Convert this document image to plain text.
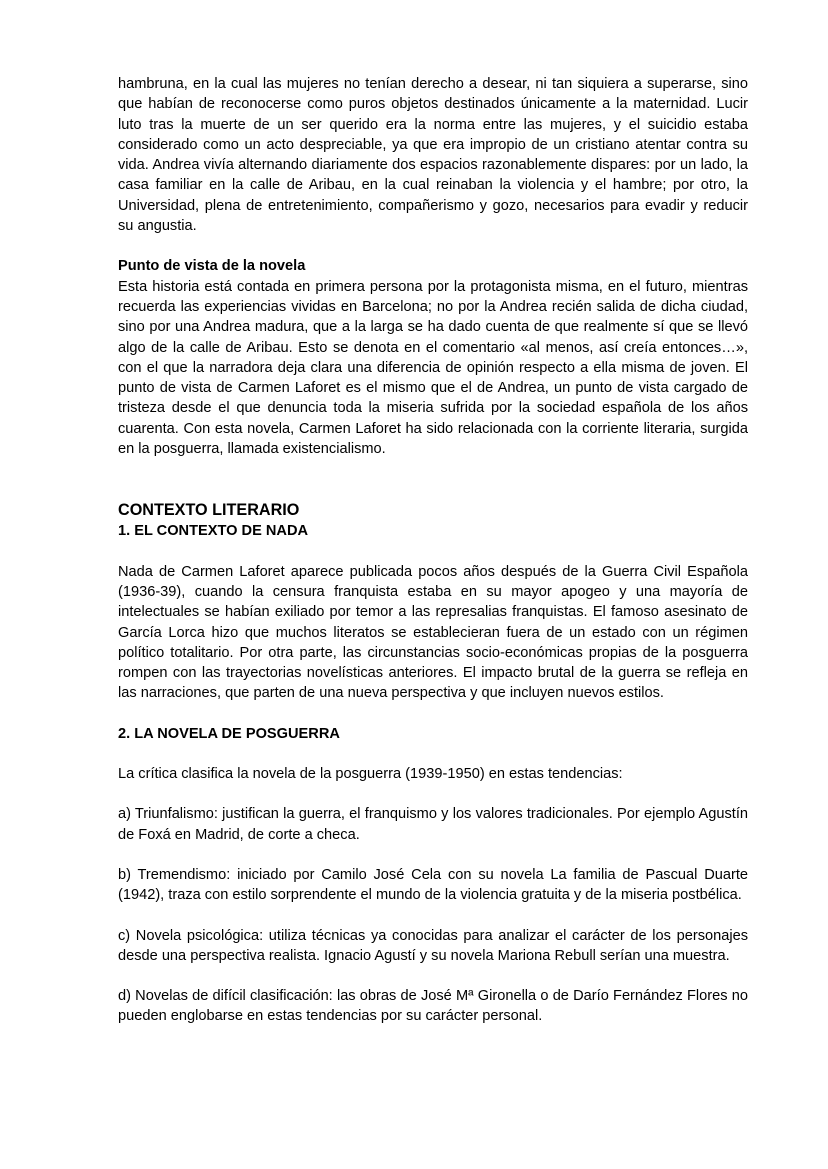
hambruna, en la cual las mujeres no tenían derecho a desear, ni tan siquiera a superarse, sino que habían de reconocerse como puros objetos destinados únicamente a la maternidad. Lucir luto tras la muerte de un ser querido era la norma entre las mujeres, y el suicidio estaba considerado como un acto despreciable, ya que era impropio de un cristiano atentar contra su vida. Andrea vivía alternando diariamente dos espacios razonablemente dispares: por un lado, la casa familiar en la calle de Aribau, en la cual reinaban la violencia y el hambre; por otro, la Universidad, plena de entretenimiento, compañerismo y gozo, necesarios para evadir y reducir su angustia.

Punto de vista de la novela

Esta historia está contada en primera persona por la protagonista misma, en el futuro, mientras recuerda las experiencias vividas en Barcelona; no por la Andrea recién salida de dicha ciudad, sino por una Andrea madura, que a la larga se ha dado cuenta de que realmente sí que se llevó algo de la calle de Aribau. Esto se denota en el comentario «al menos, así creía entonces…», con el que la narradora deja clara una diferencia de opinión respecto a ella misma de joven. El punto de vista de Carmen Laforet es el mismo que el de Andrea, un punto de vista cargado de tristeza desde el que denuncia toda la miseria sufrida por la sociedad española de los años cuarenta. Con esta novela, Carmen Laforet ha sido relacionada con la corriente literaria, surgida en la posguerra, llamada existencialismo.

CONTEXTO LITERARIO
1. EL CONTEXTO DE NADA

Nada de Carmen Laforet aparece publicada pocos años después de la Guerra Civil Española (1936-39), cuando la censura franquista estaba en su mayor apogeo y una mayoría de intelectuales se habían exiliado por temor a las represalias franquistas. El famoso asesinato de García Lorca hizo que muchos literatos se establecieran fuera de un estado con un régimen político totalitario. Por otra parte, las circunstancias socio-económicas propias de la posguerra rompen con las trayectorias novelísticas anteriores. El impacto brutal de la guerra se refleja en las narraciones, que parten de una nueva perspectiva y que incluyen nuevos estilos.

2. LA NOVELA DE POSGUERRA

La crítica clasifica la novela de la posguerra (1939-1950) en estas tendencias:

a) Triunfalismo: justifican la guerra, el franquismo y los valores tradicionales. Por ejemplo Agustín de Foxá en Madrid, de corte a checa.

b) Tremendismo: iniciado por Camilo José Cela con su novela La familia de Pascual Duarte (1942), traza con estilo sorprendente el mundo de la violencia gratuita y de la miseria postbélica.

c) Novela psicológica: utiliza técnicas ya conocidas para analizar el carácter de los personajes desde una perspectiva realista. Ignacio Agustí y su novela Mariona Rebull serían una muestra.

d) Novelas de difícil clasificación: las obras de José Mª Gironella o de Darío Fernández Flores no pueden englobarse en estas tendencias por su carácter personal.
